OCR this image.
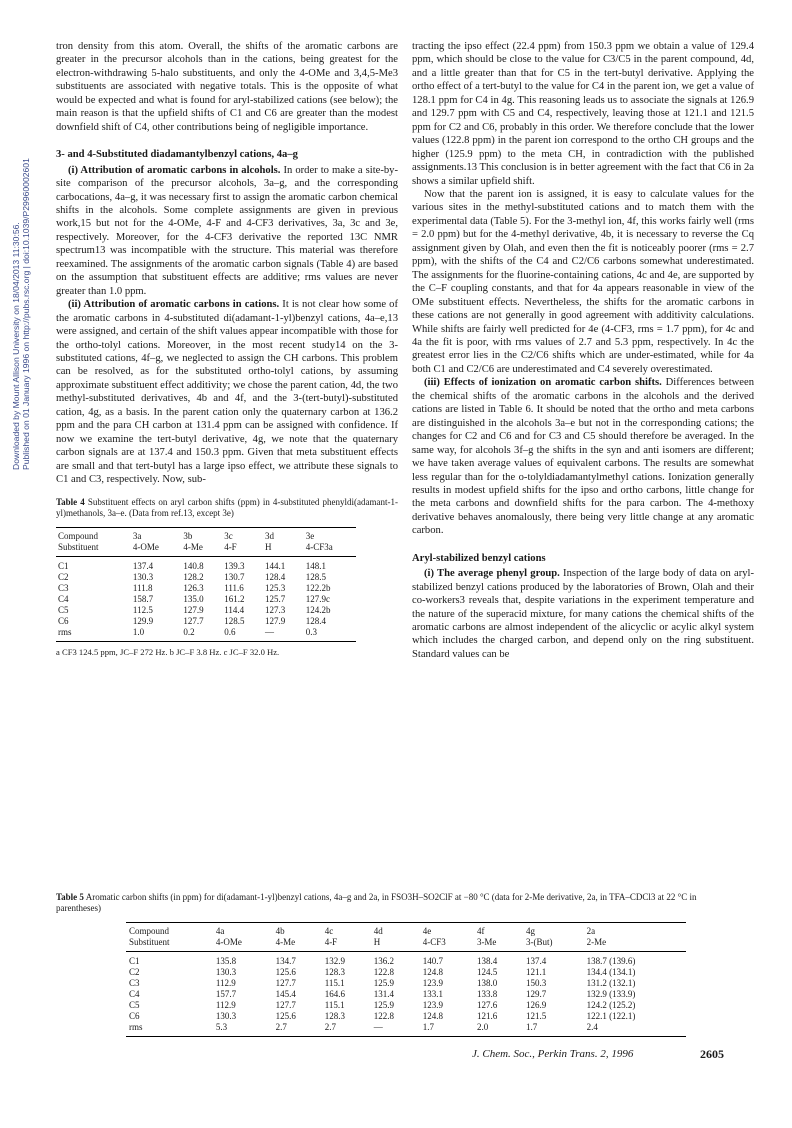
Downloaded by Mount Allison University on 18/04/2013 11:30:56. Published on 01 January 1996 on http://pubs.rsc.org | doi:10.1039/P29960002601

tron density from this atom. Overall, the shifts of the aromatic carbons are greater in the precursor alcohols than in the cations, being greatest for the electron-withdrawing 5-halo substituents, and only the 4-OMe and 3,4,5-Me3 substituents are associated with negative totals. This is the opposite of what would be expected and what is found for aryl-stabilized cations (see below); the main reason is that the upfield shifts of C1 and C6 are greater than the modest downfield shift of C4, other contributions being of negligible importance.

3- and 4-Substituted diadamantylbenzyl cations, 4a–g

(i) Attribution of aromatic carbons in alcohols. In order to make a site-by-site comparison of the precursor alcohols, 3a–g, and the corresponding carbocations, 4a–g, it was necessary first to assign the aromatic carbon chemical shifts in the alcohols. Some complete assignments are given in previous work,15 but not for the 4-OMe, 4-F and 4-CF3 derivatives, 3a, 3c and 3e, respectively. Moreover, for the 4-CF3 derivative the reported 13C NMR spectrum13 was incompatible with the structure. This material was therefore reexamined. The assignments of the aromatic carbon signals (Table 4) are based on the assumption that substituent effects are additive; rms values are never greater than 1.0 ppm.

(ii) Attribution of aromatic carbons in cations. It is not clear how some of the aromatic carbons in 4-substituted di(adamant-1-yl)benzyl cations, 4a–e,13 were assigned, and certain of the shift values appear incompatible with those for the ortho-tolyl cations. Moreover, in the most recent study14 on the 3-substituted cations, 4f–g, we neglected to assign the CH carbons. This problem can be resolved, as for the substituted ortho-tolyl cations, by assuming approximate substituent effect additivity; we chose the parent cation, 4d, the two methyl-substituted derivatives, 4b and 4f, and the 3-(tert-butyl)-substituted cation, 4g, as a basis. In the parent cation only the quaternary carbon at 136.2 ppm and the para CH carbon at 131.4 ppm can be assigned with confidence. If now we examine the tert-butyl derivative, 4g, we note that the quaternary carbon signals are at 137.4 and 150.3 ppm. Given that meta substituent effects are small and that tert-butyl has a large ipso effect, we attribute these signals to C1 and C3, respectively. Now, sub-

Table 4 Substituent effects on aryl carbon shifts (ppm) in 4-substituted phenyldi(adamant-1-yl)methanols, 3a–e. (Data from ref.13, except 3e)
Compound	3a	3b	3c	3d	3e
Substituent	4-OMe	4-Me	4-F	H	4-CF3a
C1	137.4	140.8	139.3	144.1	148.1
C2	130.3	128.2	130.7	128.4	128.5
C3	111.8	126.3	111.6	125.3	122.2b
C4	158.7	135.0	161.2	125.7	127.9c
C5	112.5	127.9	114.4	127.3	124.2b
C6	129.9	127.7	128.5	127.9	128.4
rms	1.0	0.2	0.6	—	0.3
a CF3 124.5 ppm, JC–F 272 Hz. b JC–F 3.8 Hz. c JC–F 32.0 Hz.

tracting the ipso effect (22.4 ppm) from 150.3 ppm we obtain a value of 129.4 ppm, which should be close to the value for C3/C5 in the parent compound, 4d, and a little greater than that for C5 in the tert-butyl derivative. Applying the ortho effect of a tert-butyl to the value for C4 in the parent ion, we get a value of 128.1 ppm for C4 in 4g. This reasoning leads us to associate the signals at 126.9 and 129.7 ppm with C5 and C4, respectively, leaving those at 121.1 and 121.5 ppm for C2 and C6, probably in this order. We therefore conclude that the lower values (122.8 ppm) in the parent ion correspond to the ortho CH groups and the higher (125.9 ppm) to the meta CH, in contradiction with the published assignments.13 This conclusion is in better agreement with the fact that C6 in 2a shows a similar upfield shift.

Now that the parent ion is assigned, it is easy to calculate values for the various sites in the methyl-substituted cations and to match them with the experimental data (Table 5). For the 3-methyl ion, 4f, this works fairly well (rms = 2.0 ppm) but for the 4-methyl derivative, 4b, it is necessary to reverse the Cq assignment given by Olah, and even then the fit is noticeably poorer (rms = 2.7 ppm), with the shifts of the C4 and C2/C6 carbons somewhat underestimated. The assignments for the fluorine-containing cations, 4c and 4e, are supported by the C–F coupling constants, and that for 4a appears reasonable in view of the OMe substituent effects. Nevertheless, the shifts for the aromatic carbons in these cations are not generally in good agreement with additivity calculations. While shifts are fairly well predicted for 4e (4-CF3, rms = 1.7 ppm), for 4c and 4a the fit is poor, with rms values of 2.7 and 5.3 ppm, respectively. In 4c the greatest error lies in the C2/C6 shifts which are under-estimated, while for 4a both C1 and C2/C6 are underestimated and C4 severely overestimated.

(iii) Effects of ionization on aromatic carbon shifts. Differences between the chemical shifts of the aromatic carbons in the alcohols and the derived cations are listed in Table 6. It should be noted that the ortho and meta carbons are distinguished in the alcohols 3a–e but not in the corresponding cations; the changes for C2 and C6 and for C3 and C5 should therefore be averaged. In the same way, for alcohols 3f–g the shifts in the syn and anti isomers are different; we have taken average values of equivalent carbons. The results are somewhat less regular than for the o-tolyldiadamantylmethyl cations. Ionization generally results in modest upfield shifts for the ipso and ortho carbons, little change for the meta carbons and downfield shifts for the para carbon. The 4-methoxy derivative behaves anomalously, there being very little change at any aromatic carbon.

Aryl-stabilized benzyl cations

(i) The average phenyl group. Inspection of the large body of data on aryl-stabilized benzyl cations produced by the laboratories of Brown, Olah and their co-workers3 reveals that, despite variations in the experiment temperature and the nature of the superacid mixture, for many cations the chemical shifts of the aromatic carbons are almost independent of the alicyclic or acylic alkyl system which includes the charged carbon, and depend only on the ring substituent. Standard values can be

Table 5 Aromatic carbon shifts (in ppm) for di(adamant-1-yl)benzyl cations, 4a–g and 2a, in FSO3H–SO2ClF at −80 °C (data for 2-Me derivative, 2a, in TFA–CDCl3 at 22 °C in parentheses)
Compound	4a	4b	4c	4d	4e	4f	4g	2a
Substituent	4-OMe	4-Me	4-F	H	4-CF3	3-Me	3-(But)	2-Me
C1	135.8	134.7	132.9	136.2	140.7	138.4	137.4	138.7 (139.6)
C2	130.3	125.6	128.3	122.8	124.8	124.5	121.1	134.4 (134.1)
C3	112.9	127.7	115.1	125.9	123.9	138.0	150.3	131.2 (132.1)
C4	157.7	145.4	164.6	131.4	133.1	133.8	129.7	132.9 (133.9)
C5	112.9	127.7	115.1	125.9	123.9	127.6	126.9	124.2 (125.2)
C6	130.3	125.6	128.3	122.8	124.8	121.6	121.5	122.1 (122.1)
rms	5.3	2.7	2.7	—	1.7	2.0	1.7	2.4
J. Chem. Soc., Perkin Trans. 2, 1996	2605
